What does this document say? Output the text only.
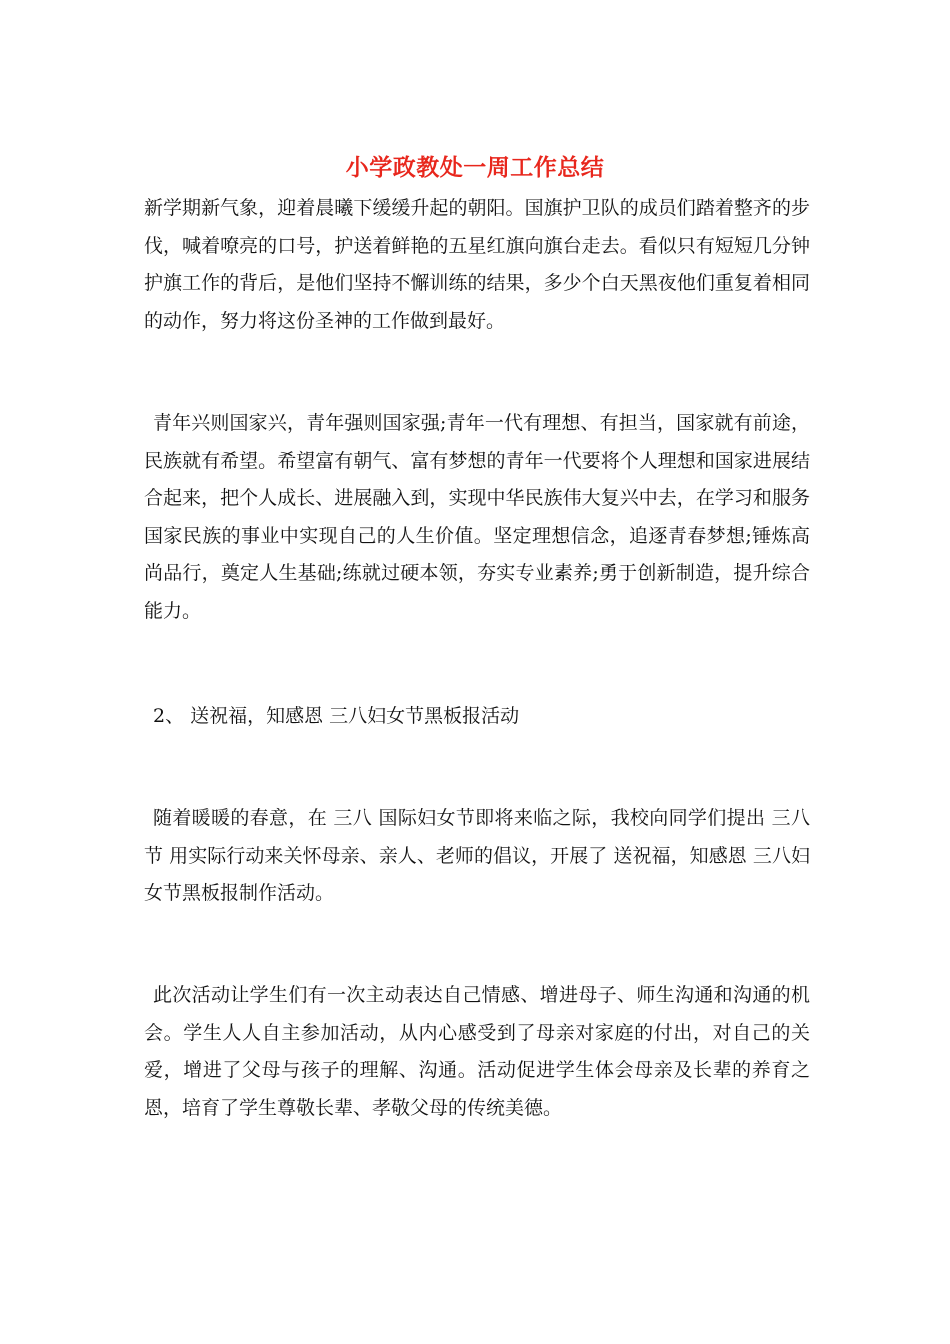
小学政教处一周工作总结

新学期新气象，迎着晨曦下缓缓升起的朝阳。国旗护卫队的成员们踏着整齐的步伐，喊着嘹亮的口号，护送着鲜艳的五星红旗向旗台走去。看似只有短短几分钟护旗工作的背后，是他们坚持不懈训练的结果，多少个白天黑夜他们重复着相同的动作，努力将这份圣神的工作做到最好。

青年兴则国家兴，青年强则国家强;青年一代有理想、有担当，国家就有前途，民族就有希望。希望富有朝气、富有梦想的青年一代要将个人理想和国家进展结合起来，把个人成长、进展融入到，实现中华民族伟大复兴中去，在学习和服务国家民族的事业中实现自己的人生价值。坚定理想信念，追逐青春梦想;锤炼高尚品行，奠定人生基础;练就过硬本领，夯实专业素养;勇于创新制造，提升综合能力。

2、 送祝福，知感恩 三八妇女节黑板报活动

随着暖暖的春意，在 三八 国际妇女节即将来临之际，我校向同学们提出 三八节 用实际行动来关怀母亲、亲人、老师的倡议，开展了 送祝福，知感恩 三八妇女节黑板报制作活动。

此次活动让学生们有一次主动表达自己情感、增进母子、师生沟通和沟通的机会。学生人人自主参加活动，从内心感受到了母亲对家庭的付出，对自己的关爱，增进了父母与孩子的理解、沟通。活动促进学生体会母亲及长辈的养育之恩，培育了学生尊敬长辈、孝敬父母的传统美德。
